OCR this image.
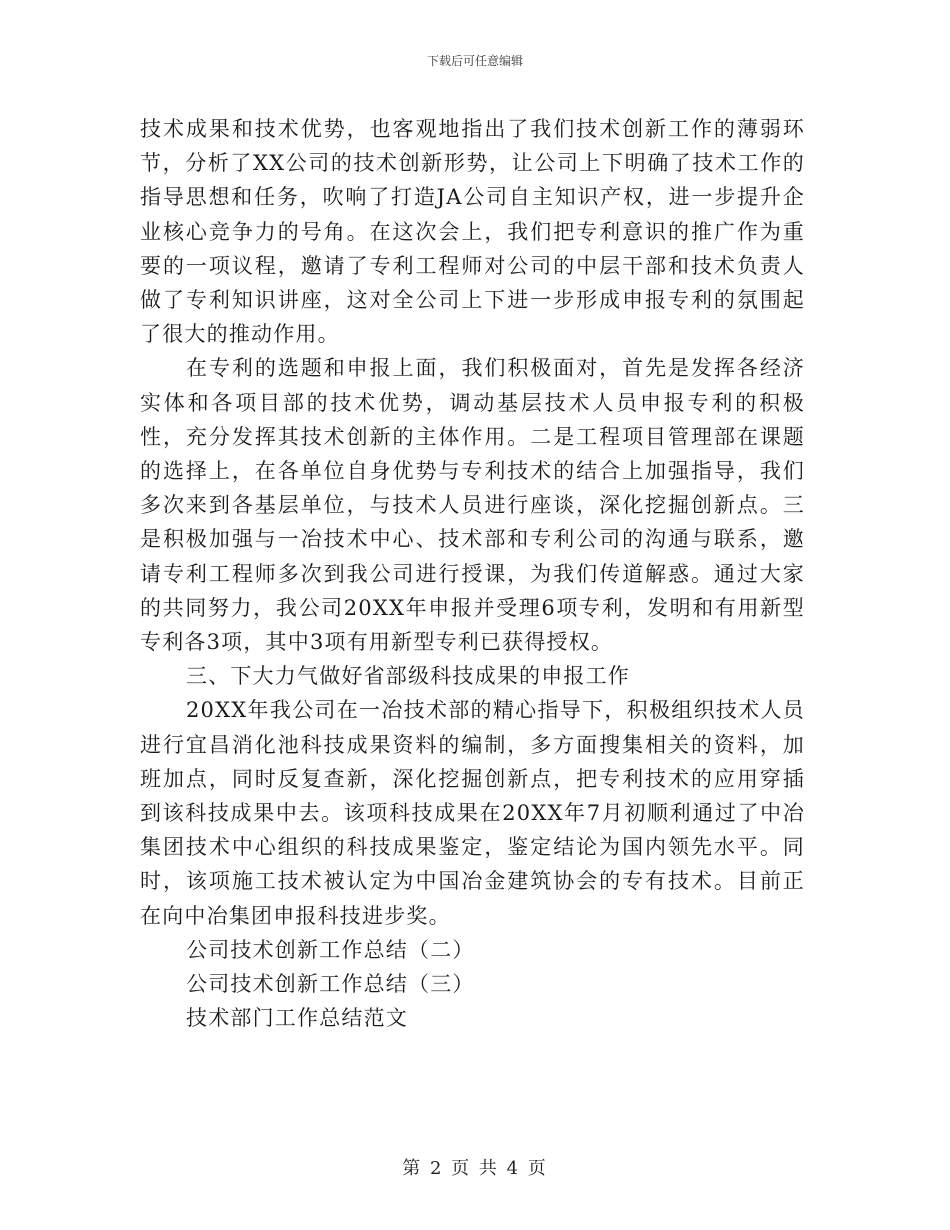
下载后可任意编辑

技术成果和技术优势，也客观地指出了我们技术创新工作的薄弱环节，分析了XX公司的技术创新形势，让公司上下明确了技术工作的指导思想和任务，吹响了打造JA公司自主知识产权，进一步提升企业核心竞争力的号角。在这次会上，我们把专利意识的推广作为重要的一项议程，邀请了专利工程师对公司的中层干部和技术负责人做了专利知识讲座，这对全公司上下进一步形成申报专利的氛围起了很大的推动作用。

在专利的选题和申报上面，我们积极面对，首先是发挥各经济实体和各项目部的技术优势，调动基层技术人员申报专利的积极性，充分发挥其技术创新的主体作用。二是工程项目管理部在课题的选择上，在各单位自身优势与专利技术的结合上加强指导，我们多次来到各基层单位，与技术人员进行座谈，深化挖掘创新点。三是积极加强与一冶技术中心、技术部和专利公司的沟通与联系，邀请专利工程师多次到我公司进行授课，为我们传道解惑。通过大家的共同努力，我公司20XX年申报并受理6项专利，发明和有用新型专利各3项，其中3项有用新型专利已获得授权。

三、下大力气做好省部级科技成果的申报工作

20XX年我公司在一冶技术部的精心指导下，积极组织技术人员进行宜昌消化池科技成果资料的编制，多方面搜集相关的资料，加班加点，同时反复查新，深化挖掘创新点，把专利技术的应用穿插到该科技成果中去。该项科技成果在20XX年7月初顺利通过了中冶集团技术中心组织的科技成果鉴定，鉴定结论为国内领先水平。同时，该项施工技术被认定为中国冶金建筑协会的专有技术。目前正在向中冶集团申报科技进步奖。

公司技术创新工作总结（二）

公司技术创新工作总结（三）

技术部门工作总结范文

第 2 页 共 4 页
